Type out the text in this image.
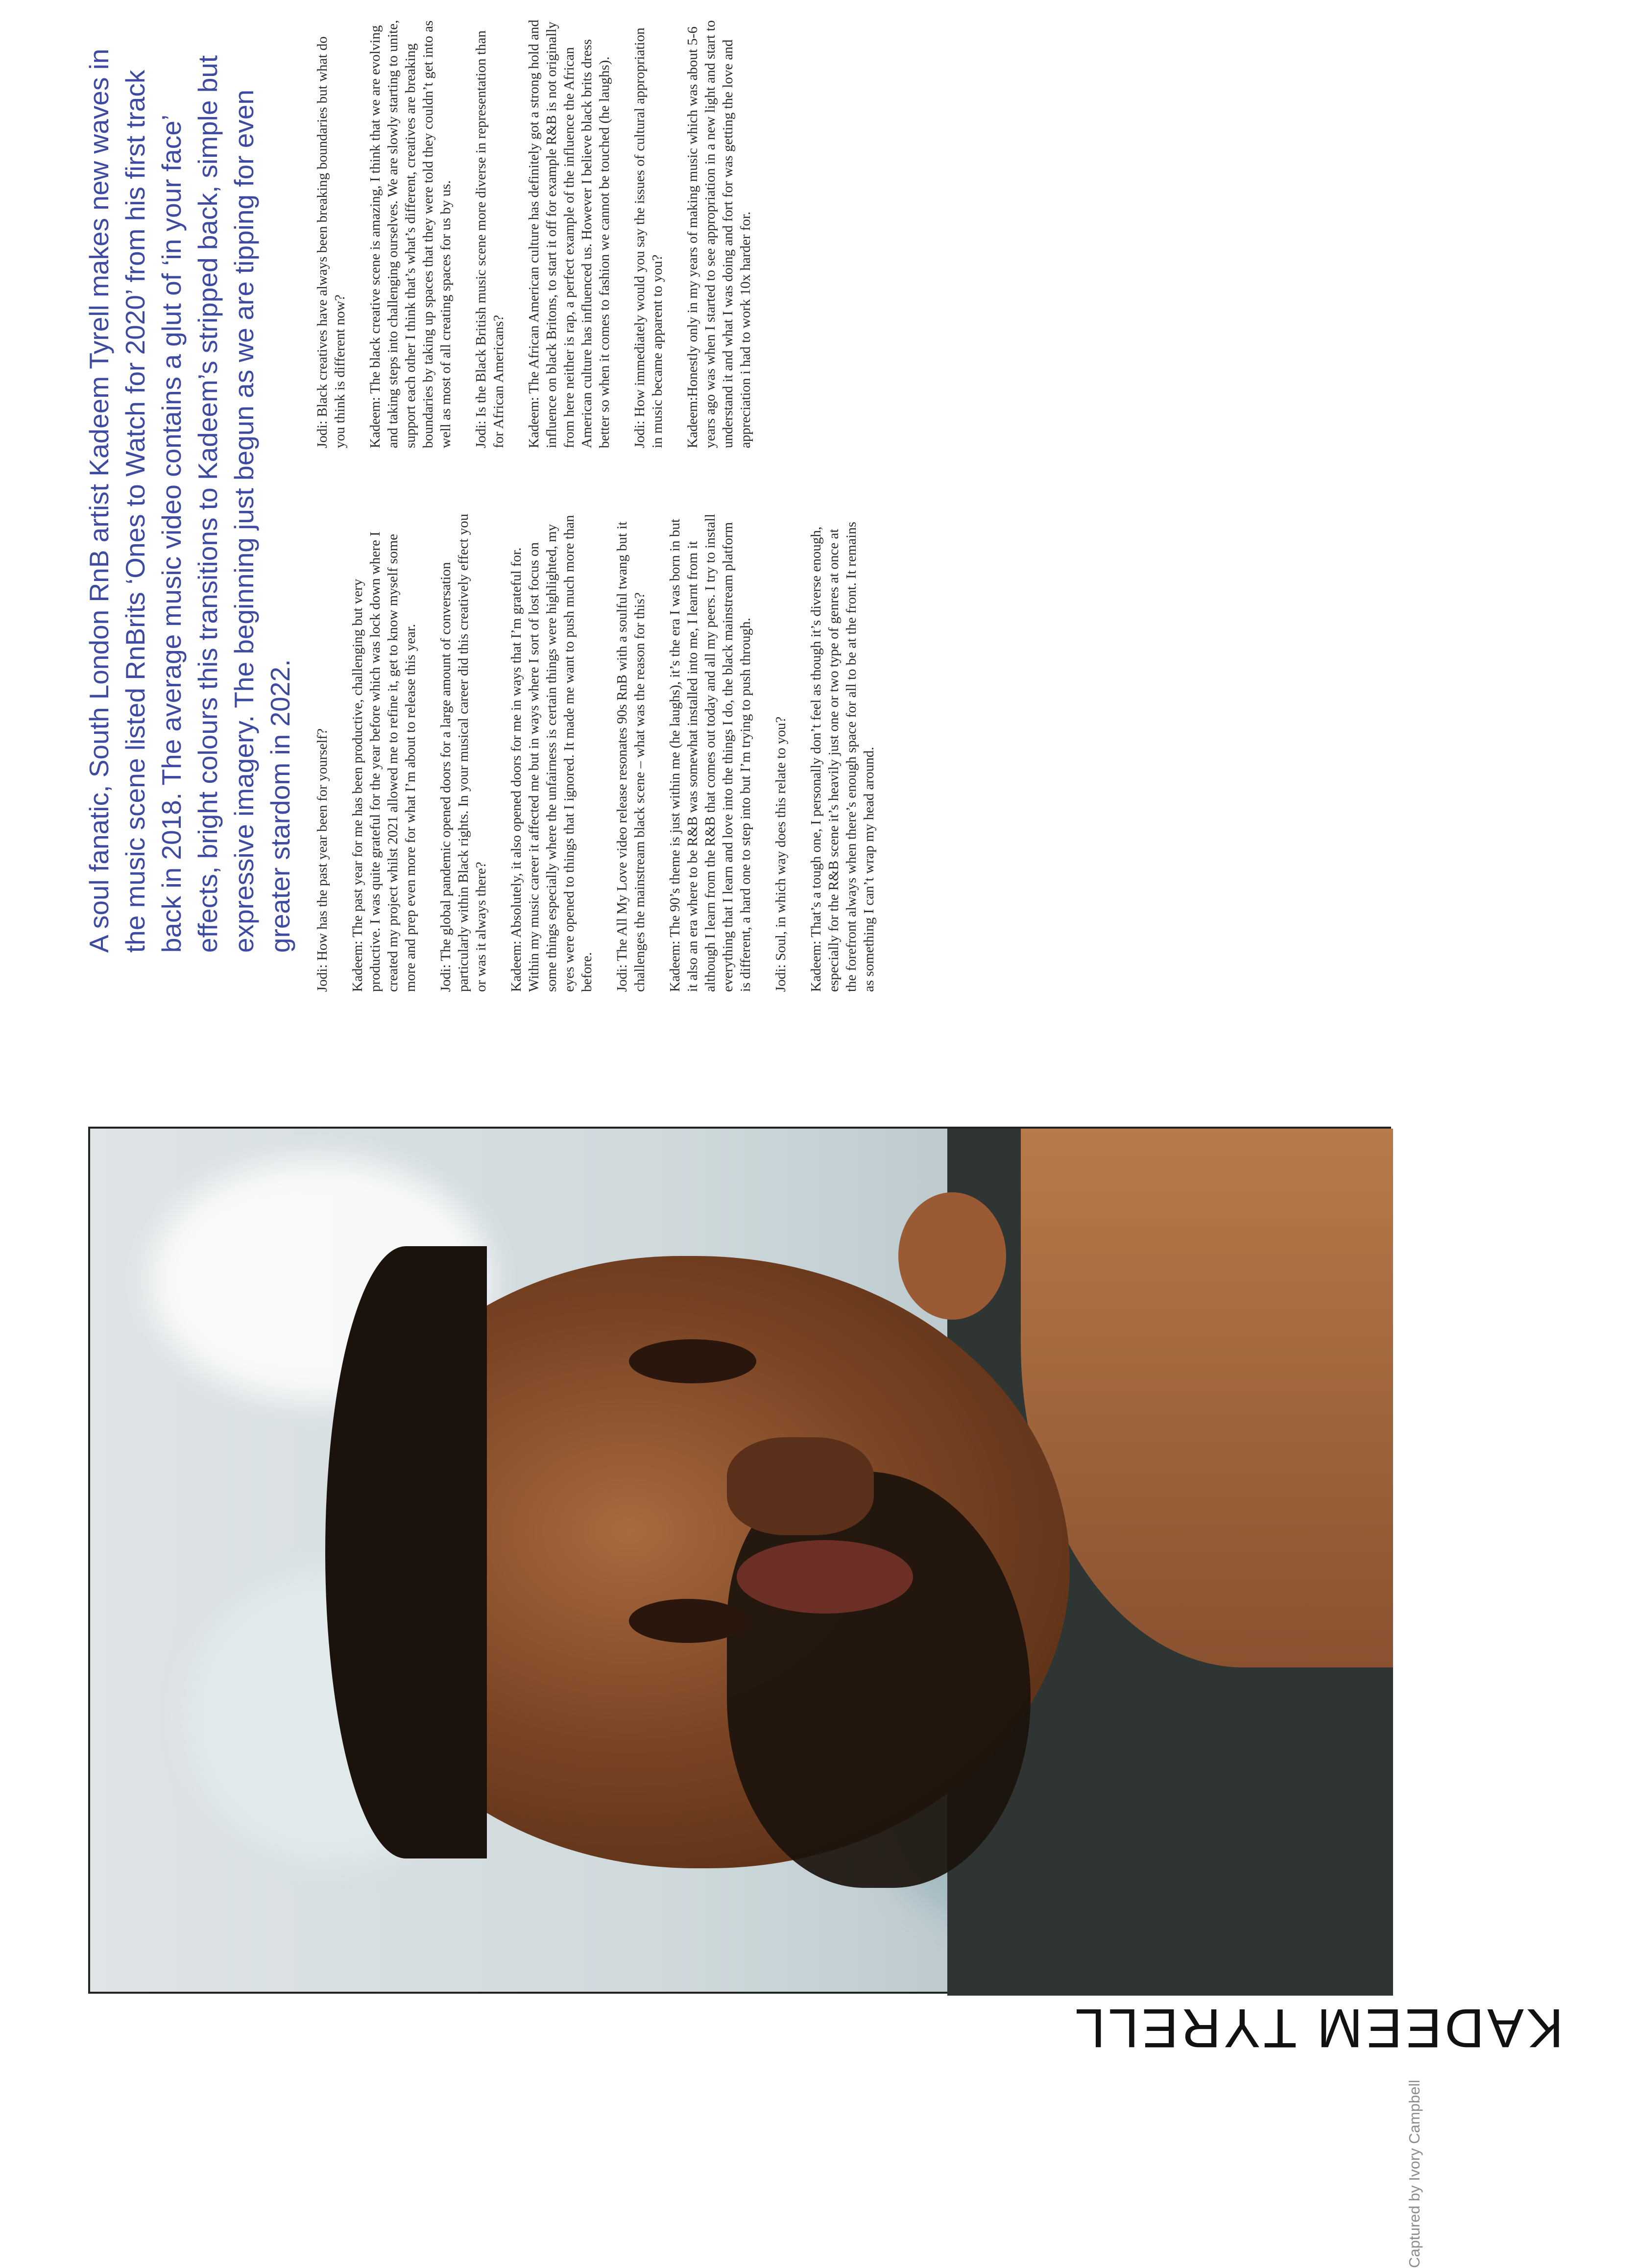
A soul fanatic, South London RnB artist Kadeem Tyrell makes new waves in the music scene listed RnBrits ‘Ones to Watch for 2020’ from his first track back in 2018. The average music video contains a glut of ‘in your face’ effects, bright colours this transitions to Kadeem’s stripped back, simple but expressive imagery. The beginning just begun as we are tipping for even greater stardom in 2022. Jodi: How has the past year been for yourself? Kadeem: The past year for me has been productive, challenging but very productive. I was quite grateful for the year before which was lock down where I created my project whilst 2021 allowed me to refine it, get to know myself some more and prep even more for what I’m about to release this year. Jodi: The global pandemic opened doors for a large amount of conversation particularly within Black rights. In your musical career did this creatively effect you or was it always there? Kadeem: Absolutely, it also opened doors for me in ways that I’m grateful for. Within my music career it affected me but in ways where I sort of lost focus on some things especially where the unfairness is certain things were highlighted, my eyes were opened to things that I ignored. It made me want to push much more than before. Jodi: The All My Love video release resonates 90s RnB with a soulful twang but it challenges the mainstream black scene – what was the reason for this? Kadeem: The 90’s theme is just within me (he laughs), it’s the era I was born in but it also an era where to be R&B was somewhat installed into me, I learnt from it although I learn from the R&B that comes out today and all my peers. I try to install everything that I learn and love into the things I do, the black mainstream platform is different, a hard one to step into but I’m trying to push through. Jodi: Soul, in which way does this relate to you? Kadeem: That’s a tough one, I personally don’t feel as though it’s diverse enough, especially for the R&B scene it’s heavily just one or two type of genres at once at the forefront always when there’s enough space for all to be at the front. It remains as something I can’t wrap my head around.

Jodi: Black creatives have always been breaking boundaries but what do you think is different now? Kadeem: The black creative scene is amazing, I think that we are evolving and taking steps into challenging ourselves. We are slowly starting to unite, support each other I think that’s what’s different, creatives are breaking boundaries by taking up spaces that they were told they couldn’t get into as well as most of all creating spaces for us by us. Jodi: Is the Black British music scene more diverse in representation than for African Americans? Kadeem: The African American culture has definitely got a strong hold and influence on black Britons, to start it off for example R&B is not originally from here neither is rap, a perfect example of the influence the African American culture has influenced us. However I believe black brits dress better so when it comes to fashion we cannot be touched (he laughs). Jodi: How immediately would you say the issues of cultural appropriation in music became apparent to you? Kadeem:Honestly only in my years of making music which was about 5-6 years ago was when I started to see appropriation in a new light and start to understand it and what I was doing and fort for was getting the love and appreciation i had to work 10x harder for.

Captured by Ivory Campbell
KADEEM TYRELL
